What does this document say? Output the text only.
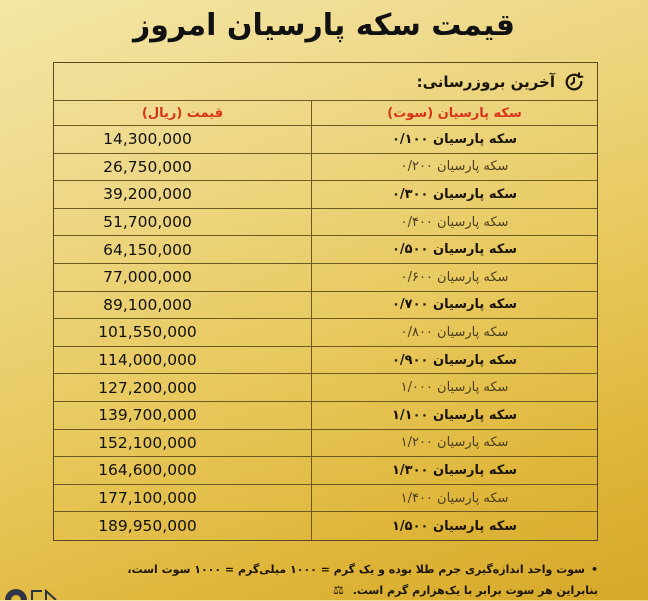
قیمت سکه پارسیان امروز
آخرین بروزرسانی:
سکه پارسیان (سوت)
قیمت (ریال)
سکه پارسیان ۰/۱۰۰
14,300,000
سکه پارسیان ۰/۲۰۰
26,750,000
سکه پارسیان ۰/۳۰۰
39,200,000
سکه پارسیان ۰/۴۰۰
51,700,000
سکه پارسیان ۰/۵۰۰
64,150,000
سکه پارسیان ۰/۶۰۰
77,000,000
سکه پارسیان ۰/۷۰۰
89,100,000
سکه پارسیان ۰/۸۰۰
101,550,000
سکه پارسیان ۰/۹۰۰
114,000,000
سکه پارسیان ۱/۰۰۰
127,200,000
سکه پارسیان ۱/۱۰۰
139,700,000
سکه پارسیان ۱/۲۰۰
152,100,000
سکه پارسیان ۱/۳۰۰
164,600,000
سکه پارسیان ۱/۴۰۰
177,100,000
سکه پارسیان ۱/۵۰۰
189,950,000
•سوت واحد اندازه‌گیری جرم طلا بوده و یک گرم = ۱۰۰۰ میلی‌گرم = ۱۰۰۰ سوت است،
بنابراین هر سوت برابر با یک‌هزارم گرم است. ⚖
